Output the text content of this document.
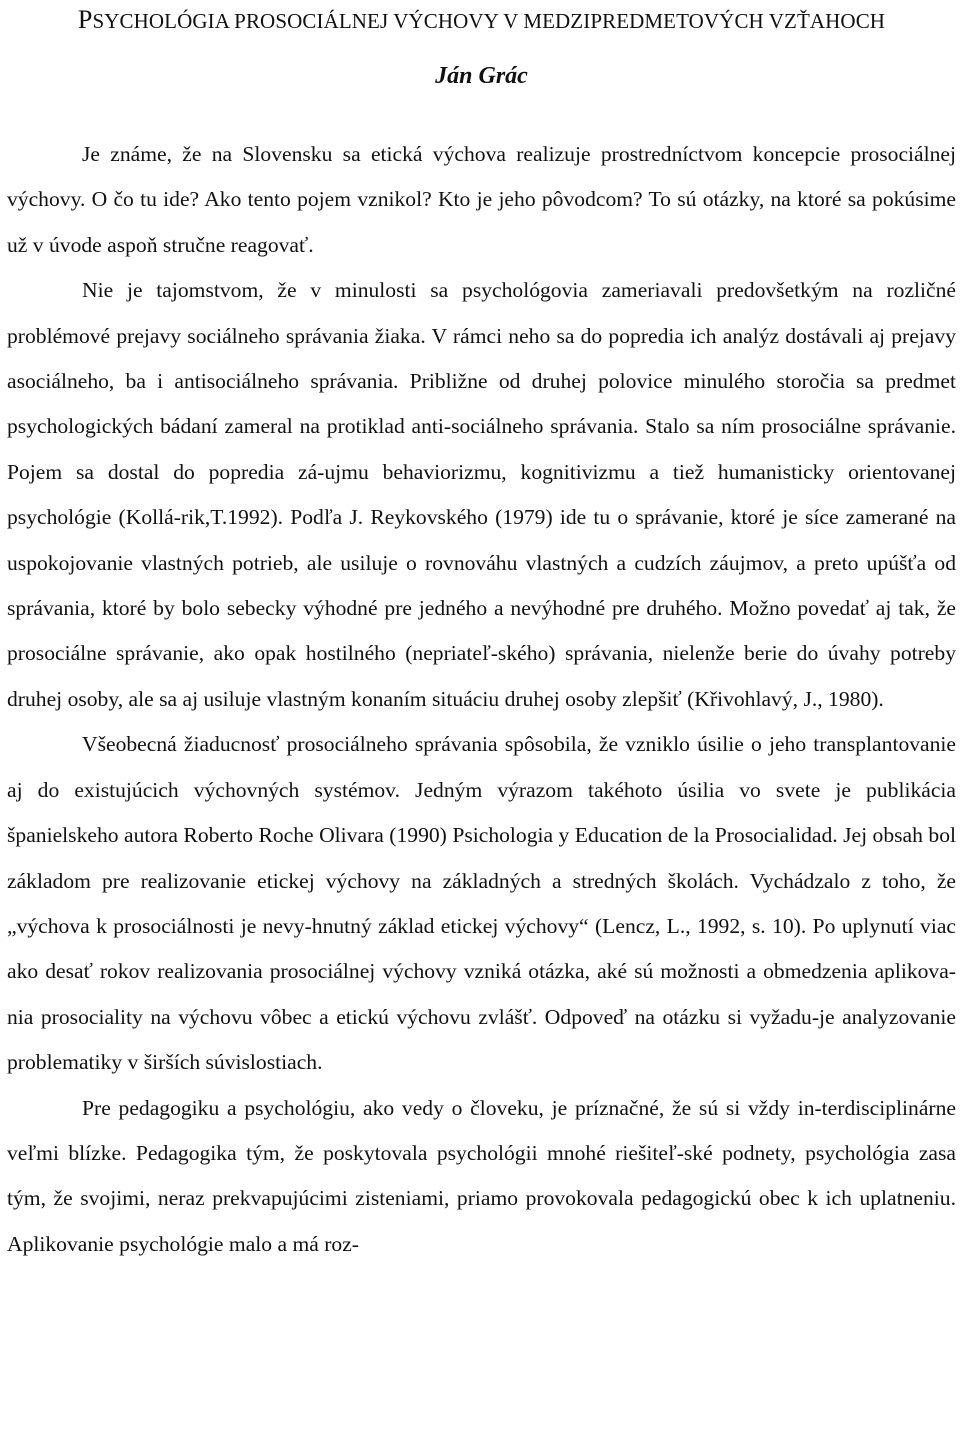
PSYCHOLÓGIA PROSOCIÁLNEJ VÝCHOVY V MEDZIPREDMETOVÝCH VZŤAHOCH
Ján Grác

Je známe, že na Slovensku sa etická výchova realizuje prostredníctvom koncepcie prosociálnej výchovy. O čo tu ide? Ako tento pojem vznikol? Kto je jeho pôvodcom? To sú otázky, na ktoré sa pokúsime už v úvode aspoň stručne reagovať.

Nie je tajomstvom, že v minulosti sa psychológovia zameriavali predovšetkým na rozličné problémové prejavy sociálneho správania žiaka. V rámci neho sa do popredia ich analýz dostávali aj prejavy asociálneho, ba i antisociálneho správania. Približne od druhej polovice minulého storočia sa predmet psychologických bádaní zameral na protiklad anti-sociálneho správania. Stalo sa ním prosociálne správanie. Pojem sa dostal do popredia zá-ujmu behaviorizmu, kognitivizmu a tiež humanisticky orientovanej psychológie (Kollá-rik,T.1992). Podľa J. Reykovského (1979) ide tu o správanie, ktoré je síce zamerané na uspokojovanie vlastných potrieb, ale usiluje o rovnováhu vlastných a cudzích záujmov, a preto upúšťa od správania, ktoré by bolo sebecky výhodné pre jedného a nevýhodné pre druhého. Možno povedať aj tak, že prosociálne správanie, ako opak hostilného (nepriateľ-ského) správania, nielenže berie do úvahy potreby druhej osoby, ale sa aj usiluje vlastným konaním situáciu druhej osoby zlepšiť (Křivohlavý, J., 1980).

Všeobecná žiaducnosť prosociálneho správania spôsobila, že vzniklo úsilie o jeho transplantovanie aj do existujúcich výchovných systémov. Jedným výrazom takéhoto úsilia vo svete je publikácia španielskeho autora Roberto Roche Olivara (1990) Psichologia y Education de la Prosocialidad. Jej obsah bol základom pre realizovanie etickej výchovy na základných a stredných školách. Vychádzalo z toho, že „výchova k prosociálnosti je nevy-hnutný základ etickej výchovy“ (Lencz, L., 1992, s. 10). Po uplynutí viac ako desať rokov realizovania prosociálnej výchovy vzniká otázka, aké sú možnosti a obmedzenia aplikova-nia prosociality na výchovu vôbec a etickú výchovu zvlášť. Odpoveď na otázku si vyžadu-je analyzovanie problematiky v širších súvislostiach.

Pre pedagogiku a psychológiu, ako vedy o človeku, je príznačné, že sú si vždy in-terdisciplinárne veľmi blízke. Pedagogika tým, že poskytovala psychológii mnohé riešiteľ-ské podnety, psychológia zasa tým, že svojimi, neraz prekvapujúcimi zisteniami, priamo provokovala pedagogickú obec k ich uplatneniu. Aplikovanie psychológie malo a má roz-
